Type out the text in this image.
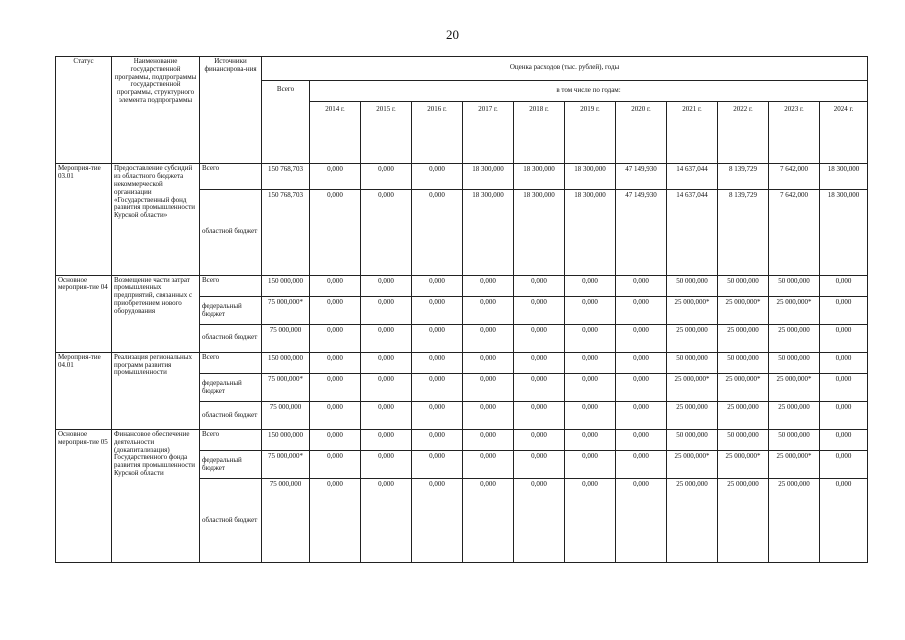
20
Статус	Наименование государственной программы, подпрограммы государственной программы, структурного элемента подпрограммы	Источники финансирова-ния	Оценка расходов (тыс. рублей), годы											
			Всего	в том числе по годам:										
				2014 г.	2015 г.	2016 г.	2017 г.	2018 г.	2019 г.	2020 г.	2021 г.	2022 г.	2023 г.	2024 г.
Мероприя-тие 03.01	Предоставление субсидий из областного бюджета некоммерческой организации «Государственный фонд развития промышленности Курской области»	Всего	150 768,703	0,000	0,000	0,000	18 300,000	18 300,000	18 300,000	47 149,930	14 637,044	8 139,729	7 642,000	18 300,000
		областной бюджет	150 768,703	0,000	0,000	0,000	18 300,000	18 300,000	18 300,000	47 149,930	14 637,044	8 139,729	7 642,000	18 300,000
Основное мероприя-тие 04	Возмещение части затрат промышленных предприятий, связанных с приобретением нового оборудования	Всего	150 000,000	0,000	0,000	0,000	0,000	0,000	0,000	0,000	50 000,000	50 000,000	50 000,000	0,000
		федеральный бюджет	75 000,000*	0,000	0,000	0,000	0,000	0,000	0,000	0,000	25 000,000*	25 000,000*	25 000,000*	0,000
		областной бюджет	75 000,000	0,000	0,000	0,000	0,000	0,000	0,000	0,000	25 000,000	25 000,000	25 000,000	0,000
Мероприя-тие 04.01	Реализация региональных программ развития промышленности	Всего	150 000,000	0,000	0,000	0,000	0,000	0,000	0,000	0,000	50 000,000	50 000,000	50 000,000	0,000
		федеральный бюджет	75 000,000*	0,000	0,000	0,000	0,000	0,000	0,000	0,000	25 000,000*	25 000,000*	25 000,000*	0,000
		областной бюджет	75 000,000	0,000	0,000	0,000	0,000	0,000	0,000	0,000	25 000,000	25 000,000	25 000,000	0,000
Основное мероприя-тие 05	Финансовое обеспечение деятельности (докапитализация) Государственного фонда развития промышленности Курской области	Всего	150 000,000	0,000	0,000	0,000	0,000	0,000	0,000	0,000	50 000,000	50 000,000	50 000,000	0,000
		федеральный бюджет	75 000,000*	0,000	0,000	0,000	0,000	0,000	0,000	0,000	25 000,000*	25 000,000*	25 000,000*	0,000
		областной бюджет	75 000,000	0,000	0,000	0,000	0,000	0,000	0,000	0,000	25 000,000	25 000,000	25 000,000	0,000
